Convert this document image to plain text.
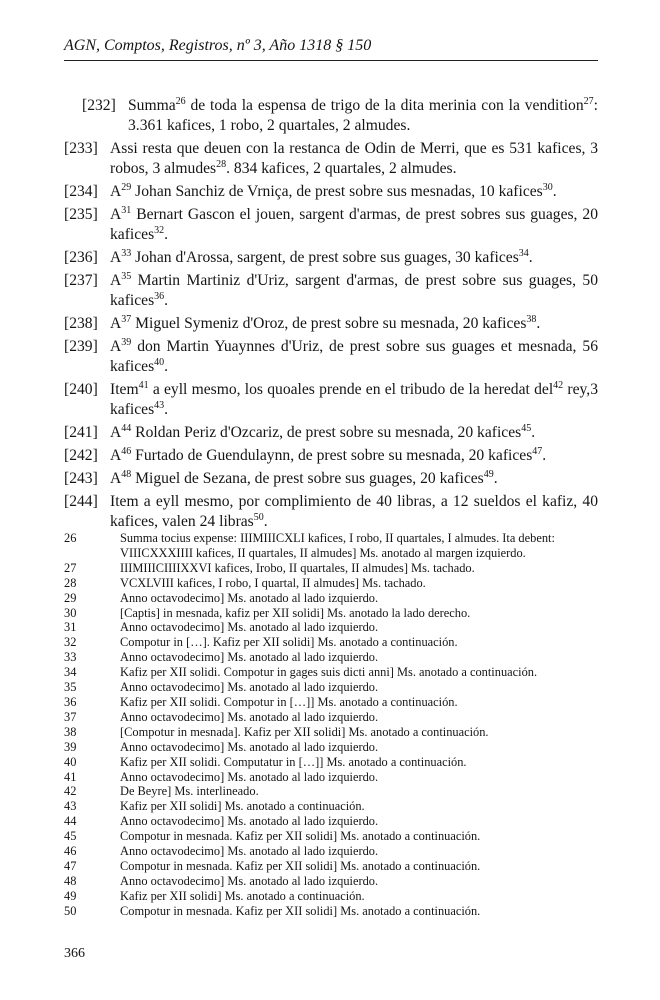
AGN, Comptos, Registros, nº 3, Año 1318 § 150
[232] Summa$^{26}$ de toda la espensa de trigo de la dita merinia con la vendition$^{27}$: 3.361 kafices, 1 robo, 2 quartales, 2 almudes.
[233] Assi resta que deuen con la restanca de Odin de Merri, que es 531 kafices, 3 robos, 3 almudes$^{28}$. 834 kafices, 2 quartales, 2 almudes.
[234] $A^{29}$ Johan Sanchiz de Vrniça, de prest sobre sus mesnadas, 10 kafices$^{30}$.
[235] $A^{31}$ Bernart Gascon el jouen, sargent d'armas, de prest sobres sus guages, 20 kafices$^{32}$.
[236] $A^{33}$ Johan d'Arossa, sargent, de prest sobre sus guages, 30 kafices$^{34}$.
[237] $A^{35}$ Martin Martiniz d'Uriz, sargent d'armas, de prest sobre sus guages, 50 kafices$^{36}$.
[238] $A^{37}$ Miguel Symeniz d'Oroz, de prest sobre su mesnada, 20 kafices$^{38}$.
[239] $A^{39}$ don Martin Yuaynnes d'Uriz, de prest sobre sus guages et mesnada, 56 kafices$^{40}$.
[240] Item$^{41}$ a eyll mesmo, los quoales prende en el tribudo de la heredat del$^{42}$ rey,3 kafices$^{43}$.
[241] $A^{44}$ Roldan Periz d'Ozcariz, de prest sobre su mesnada, 20 kafices$^{45}$.
[242] $A^{46}$ Furtado de Guendulaynn, de prest sobre su mesnada, 20 kafices$^{47}$.
[243] $A^{48}$ Miguel de Sezana, de prest sobre sus guages, 20 kafices$^{49}$.
[244] Item a eyll mesmo, por complimiento de 40 libras, a 12 sueldos el kafiz, 40 kafices, valen 24 libras$^{50}$.
26	Summa tocius expense: IIIMIIICXLI kafices, I robo, II quartales, I almudes. Ita debent: VIIICXXXIIII kafices, II quartales, II almudes] Ms. anotado al margen izquierdo.
27	IIIMIIICIIIIXXVI kafices, Irobo, II quartales, II almudes] Ms. tachado.
28	VCXLVIII kafices, I robo, I quartal, II almudes] Ms. tachado.
29	Anno octavodecimo] Ms. anotado al lado izquierdo.
30	[Captis] in mesnada, kafiz per XII solidi] Ms. anotado la lado derecho.
31	Anno octavodecimo] Ms. anotado al lado izquierdo.
32	Compotur in […]. Kafiz per XII solidi] Ms. anotado a continuación.
33	Anno octavodecimo] Ms. anotado al lado izquierdo.
34	Kafiz per XII solidi. Compotur in gages suis dicti anni] Ms. anotado a continuación.
35	Anno octavodecimo] Ms. anotado al lado izquierdo.
36	Kafiz per XII solidi. Compotur in […]] Ms. anotado a continuación.
37	Anno octavodecimo] Ms. anotado al lado izquierdo.
38	[Compotur in mesnada]. Kafiz per XII solidi] Ms. anotado a continuación.
39	Anno octavodecimo] Ms. anotado al lado izquierdo.
40	Kafiz per XII solidi. Computatur in […]] Ms. anotado a continuación.
41	Anno octavodecimo] Ms. anotado al lado izquierdo.
42	De Beyre] Ms. interlineado.
43	Kafiz per XII solidi] Ms. anotado a continuación.
44	Anno octavodecimo] Ms. anotado al lado izquierdo.
45	Compotur in mesnada. Kafiz per XII solidi] Ms. anotado a continuación.
46	Anno octavodecimo] Ms. anotado al lado izquierdo.
47	Compotur in mesnada. Kafiz per XII solidi] Ms. anotado a continuación.
48	Anno octavodecimo] Ms. anotado al lado izquierdo.
49	Kafiz per XII solidi] Ms. anotado a continuación.
50	Compotur in mesnada. Kafiz per XII solidi] Ms. anotado a continuación.
366
